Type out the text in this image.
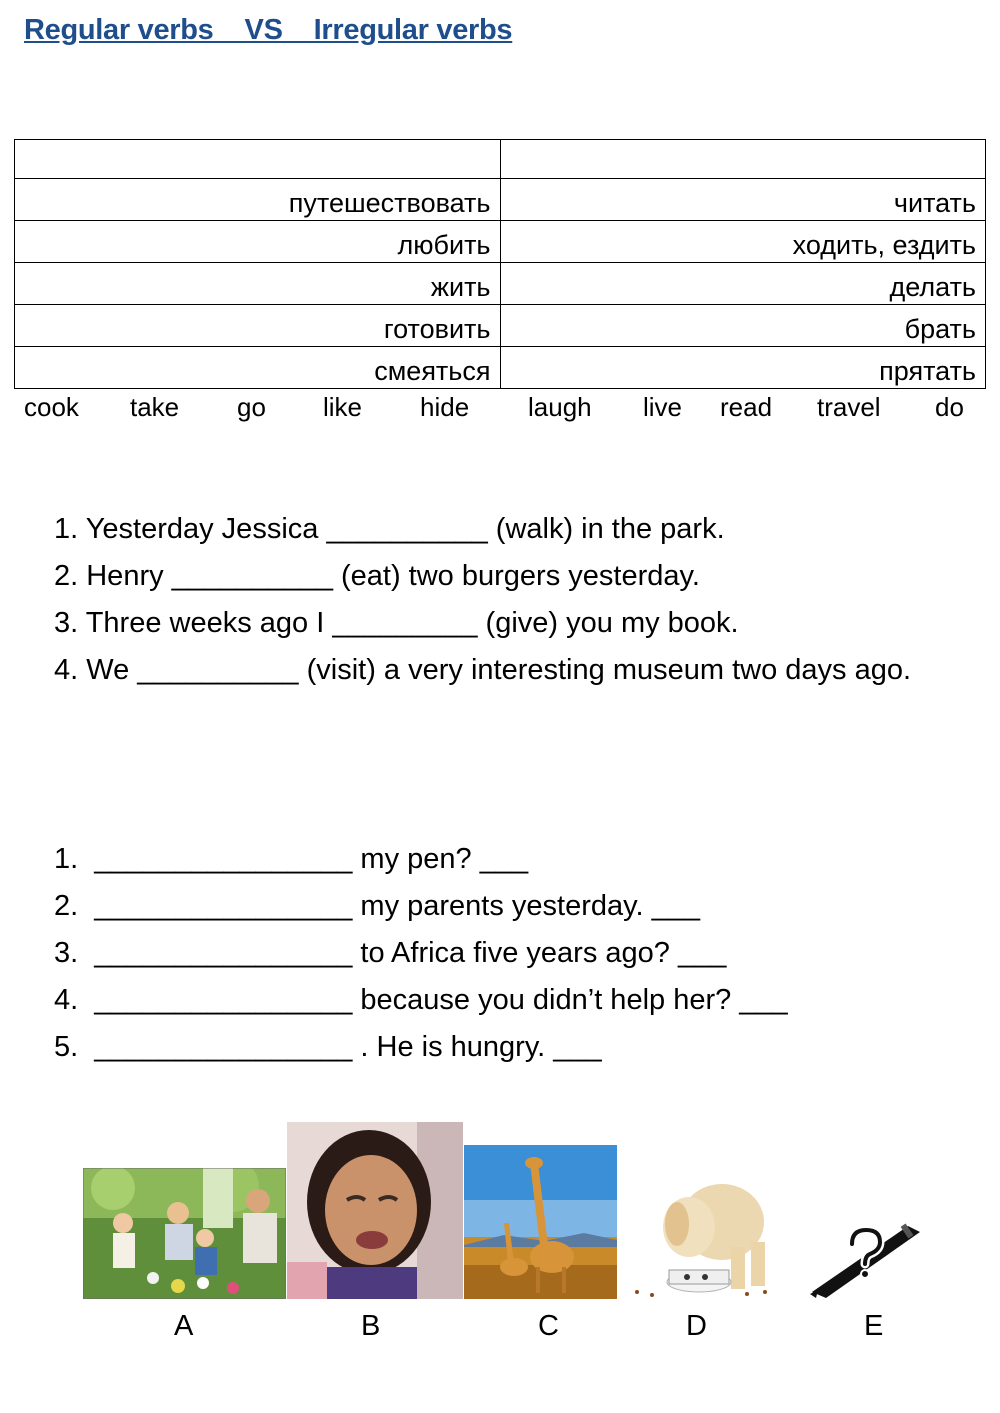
Regular verbs    VS    Irregular verbs

путешествовать	читать
любить	ходить, ездить
жить	делать
готовить	брать
смеяться	прятать
cook take go like hide laugh live read travel do

1. Yesterday Jessica __________ (walk) in the park.

2. Henry __________ (eat) two burgers yesterday.

3. Three weeks ago I _________ (give) you my book.

4. We __________ (visit) a very interesting museum two days ago.

1.  ________________ my pen? ___

2.  ________________ my parents yesterday. ___

3.  ________________ to Africa five years ago? ___

4.  ________________ because you didn’t help her? ___

5.  ________________ . He is hungry. ___

A	B	C	D	E
